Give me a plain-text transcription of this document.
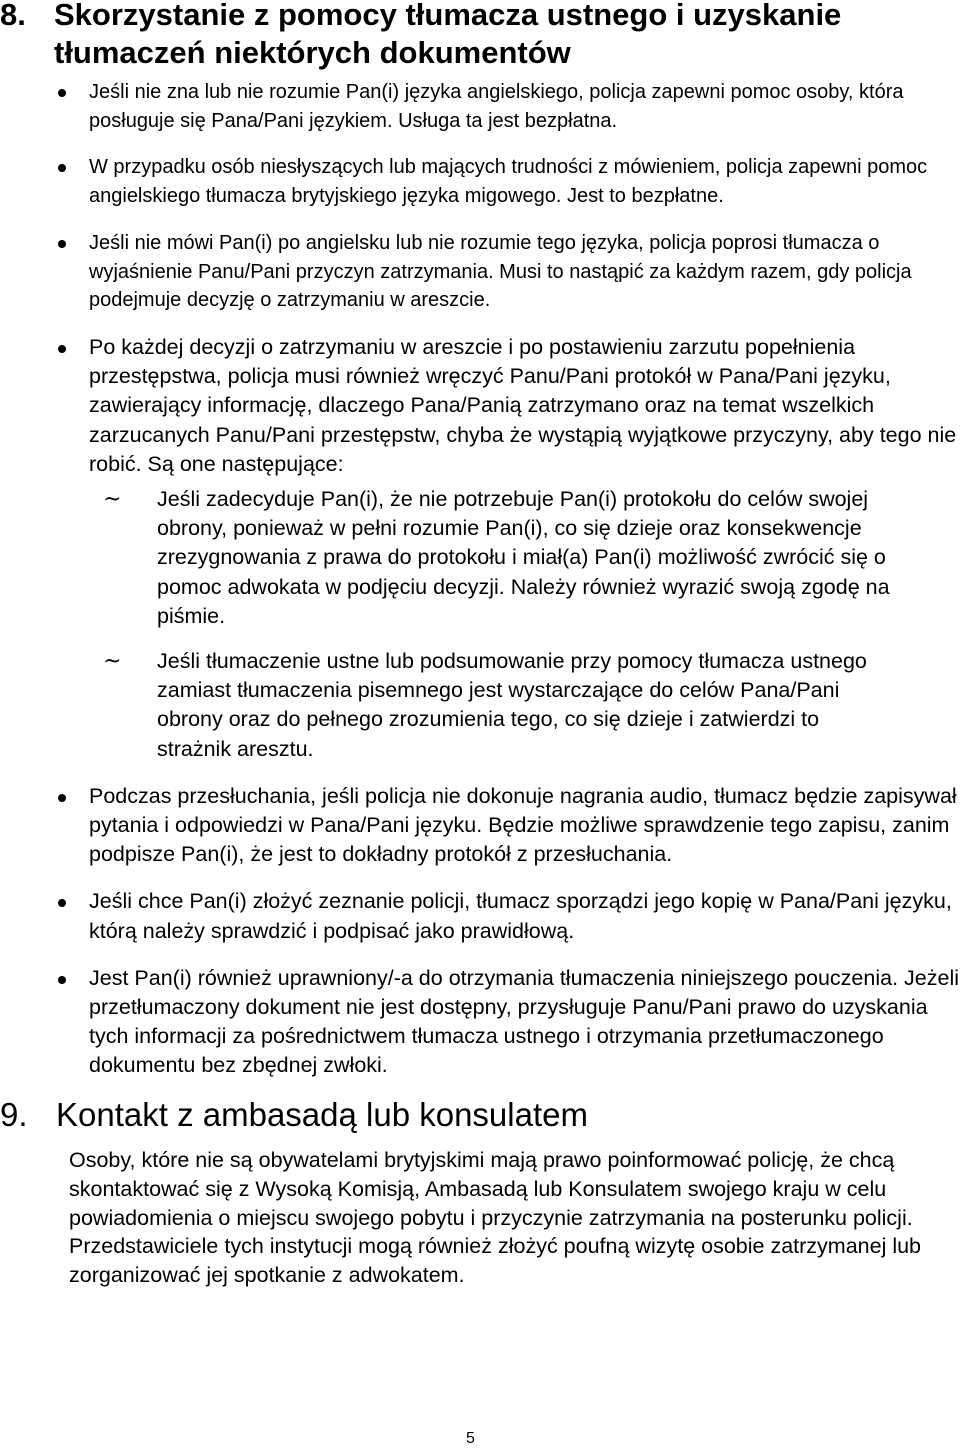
8. Skorzystanie z pomocy tłumacza ustnego i uzyskanie tłumaczeń niektórych dokumentów
Jeśli nie zna lub nie rozumie Pan(i) języka angielskiego, policja zapewni pomoc osoby, która posługuje się Pana/Pani językiem. Usługa ta jest bezpłatna.
W przypadku osób niesłyszących lub mających trudności z mówieniem, policja zapewni pomoc angielskiego tłumacza brytyjskiego języka migowego. Jest to bezpłatne.
Jeśli nie mówi Pan(i) po angielsku lub nie rozumie tego języka, policja poprosi tłumacza o wyjaśnienie Panu/Pani przyczyn zatrzymania. Musi to nastąpić za każdym razem, gdy policja podejmuje decyzję o zatrzymaniu w areszcie.
Po każdej decyzji o zatrzymaniu w areszcie i po postawieniu zarzutu popełnienia przestępstwa, policja musi również wręczyć Panu/Pani protokół w Pana/Pani języku, zawierający informację, dlaczego Pana/Panią zatrzymano oraz na temat wszelkich zarzucanych Panu/Pani przestępstw, chyba że wystąpią wyjątkowe przyczyny, aby tego nie robić. Są one następujące:
~ Jeśli zadecyduje Pan(i), że nie potrzebuje Pan(i) protokołu do celów swojej obrony, ponieważ w pełni rozumie Pan(i), co się dzieje oraz konsekwencje zrezygnowania z prawa do protokołu i miał(a) Pan(i) możliwość zwrócić się o pomoc adwokata w podjęciu decyzji. Należy również wyrazić swoją zgodę na piśmie.
~ Jeśli tłumaczenie ustne lub podsumowanie przy pomocy tłumacza ustnego zamiast tłumaczenia pisemnego jest wystarczające do celów Pana/Pani obrony oraz do pełnego zrozumienia tego, co się dzieje i zatwierdzi to strażnik aresztu.
Podczas przesłuchania, jeśli policja nie dokonuje nagrania audio, tłumacz będzie zapisywał pytania i odpowiedzi w Pana/Pani języku. Będzie możliwe sprawdzenie tego zapisu, zanim podpisze Pan(i), że jest to dokładny protokół z przesłuchania.
Jeśli chce Pan(i) złożyć zeznanie policji, tłumacz sporządzi jego kopię w Pana/Pani języku, którą należy sprawdzić i podpisać jako prawidłową.
Jest Pan(i) również uprawniony/-a do otrzymania tłumaczenia niniejszego pouczenia. Jeżeli przetłumaczony dokument nie jest dostępny, przysługuje Panu/Pani prawo do uzyskania tych informacji za pośrednictwem tłumacza ustnego i otrzymania przetłumaczonego dokumentu bez zbędnej zwłoki.
9. Kontakt z ambasadą lub konsulatem

Osoby, które nie są obywatelami brytyjskimi mają prawo poinformować policję, że chcą skontaktować się z Wysoką Komisją, Ambasadą lub Konsulatem swojego kraju w celu powiadomienia o miejscu swojego pobytu i przyczynie zatrzymania na posterunku policji. Przedstawiciele tych instytucji mogą również złożyć poufną wizytę osobie zatrzymanej lub zorganizować jej spotkanie z adwokatem.

5
